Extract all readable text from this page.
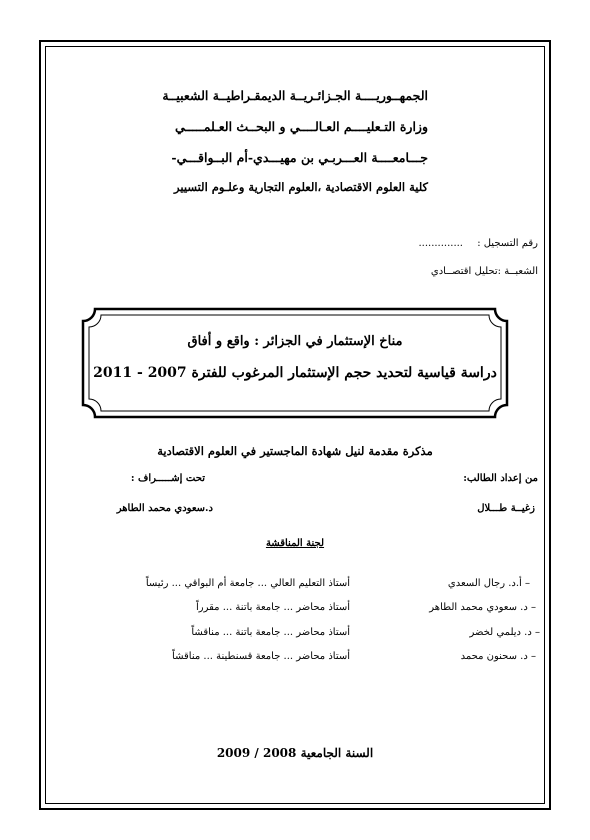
الجمهــوريــــة الجـزائـريــة الديمقـراطيــة الشعبيــة
وزارة التـعليــــم العـالــــي و البحــث العـلمـــــي
جـــامعــــة العـــربـي بن مهيـــدي-أم البــواقـــي-
كلية العلوم الاقتصادية ،العلوم التجارية وعلـوم التسيير
رقم التسجيل :
..............
الشعبــة :تحليل اقتصــادي
مناخ الإستثمار في الجزائر : واقع و أفاق
دراسة قياسية لتحديد حجم الإستثمار المرغوب للفترة 2007 - 2011
مذكرة مقدمة لنيل شهادة الماجستير في العلوم الاقتصادية
من إعداد الطالب:
تحت إشـــــراف :
زغيــة طـــلال
د.سعودي محمد الطاهر
لجنة المناقشة
– أ.د. رجال السعدي
أستاذ التعليم العالي ... جامعة أم البواقي ... رئيساً
– د. سعودي محمد الطاهر
أستاذ محاضر ... جامعة باتنة ... مقرراً
– د. ديلمي لخضر
أستاذ محاضر ... جامعة باتنة ... مناقشاً
– د. سحنون محمد
أستاذ محاضر ... جامعة قسنطينة ... مناقشاً
السنة الجامعية 2008 / 2009
